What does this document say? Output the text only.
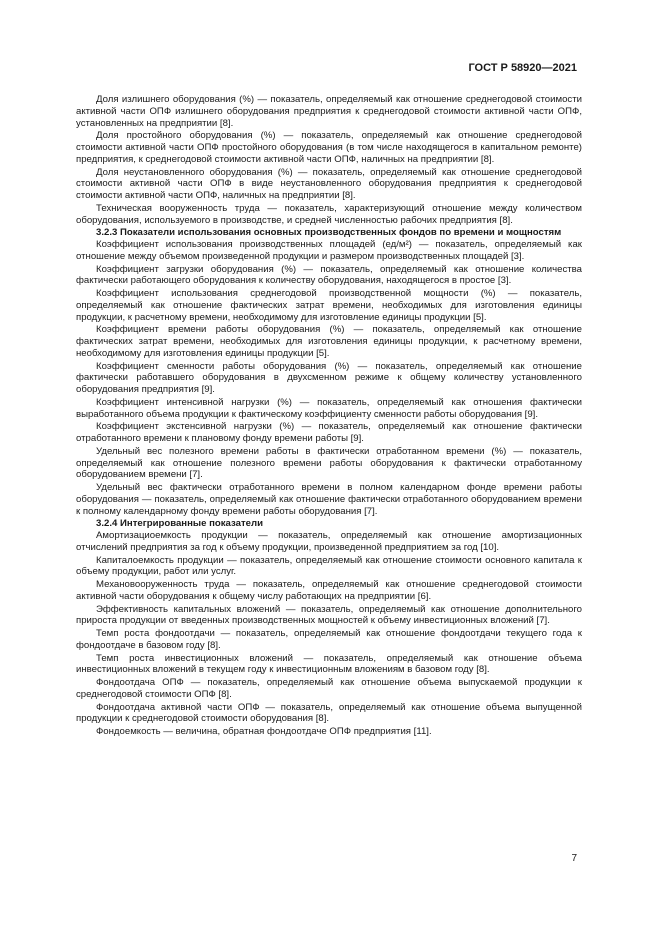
ГОСТ Р 58920—2021

Доля излишнего оборудования (%) — показатель, определяемый как отношение среднегодовой стоимости активной части ОПФ излишнего оборудования предприятия к среднегодовой стоимости активной части ОПФ, установленных на предприятии [8].

Доля простойного оборудования (%) — показатель, определяемый как отношение среднегодовой стоимости активной части ОПФ простойного оборудования (в том числе находящегося в капитальном ремонте) предприятия, к среднегодовой стоимости активной части ОПФ, наличных на предприятии [8].

Доля неустановленного оборудования (%) — показатель, определяемый как отношение среднегодовой стоимости активной части ОПФ в виде неустановленного оборудования предприятия к среднегодовой стоимости активной части ОПФ, наличных на предприятии [8].

Техническая вооруженность труда — показатель, характеризующий отношение между количеством оборудования, используемого в производстве, и средней численностью рабочих предприятия [8].

3.2.3 Показатели использования основных производственных фондов по времени и мощностям

Коэффициент использования производственных площадей (ед/м²) — показатель, определяемый как отношение между объемом произведенной продукции и размером производственных площадей [3].

Коэффициент загрузки оборудования (%) — показатель, определяемый как отношение количества фактически работающего оборудования к количеству оборудования, находящегося в простое [3].

Коэффициент использования среднегодовой производственной мощности (%) — показатель, определяемый как отношение фактических затрат времени, необходимых для изготовления единицы продукции, к расчетному времени, необходимому для изготовление единицы продукции [5].

Коэффициент времени работы оборудования (%) — показатель, определяемый как отношение фактических затрат времени, необходимых для изготовления единицы продукции, к расчетному времени, необходимому для изготовления единицы продукции [5].

Коэффициент сменности работы оборудования (%) — показатель, определяемый как отношение фактически работавшего оборудования в двухсменном режиме к общему количеству установленного оборудования предприятия [9].

Коэффициент интенсивной нагрузки (%) — показатель, определяемый как отношения фактически выработанного объема продукции к фактическому коэффициенту сменности работы оборудования [9].

Коэффициент экстенсивной нагрузки (%) — показатель, определяемый как отношение фактически отработанного времени к плановому фонду времени работы [9].

Удельный вес полезного времени работы в фактически отработанном времени (%) — показатель, определяемый как отношение полезного времени работы оборудования к фактически отработанному оборудованием времени [7].

Удельный вес фактически отработанного времени в полном календарном фонде времени работы оборудования — показатель, определяемый как отношение фактически отработанного оборудованием времени к полному календарному фонду времени работы оборудования [7].

3.2.4 Интегрированные показатели

Амортизациоемкость продукции — показатель, определяемый как отношение амортизационных отчислений предприятия за год к объему продукции, произведенной предприятием за год [10].

Капиталоемкость продукции — показатель, определяемый как отношение стоимости основного капитала к объему продукции, работ или услуг.

Механовооруженность труда — показатель, определяемый как отношение среднегодовой стоимости активной части оборудования к общему числу работающих на предприятии [6].

Эффективность капитальных вложений — показатель, определяемый как отношение дополнительного прироста продукции от введенных производственных мощностей к объему инвестиционных вложений [7].

Темп роста фондоотдачи — показатель, определяемый как отношение фондоотдачи текущего года к фондоотдаче в базовом году [8].

Темп роста инвестиционных вложений — показатель, определяемый как отношение объема инвестиционных вложений в текущем году к инвестиционным вложениям в базовом году [8].

Фондоотдача ОПФ — показатель, определяемый как отношение объема выпускаемой продукции к среднегодовой стоимости ОПФ [8].

Фондоотдача активной части ОПФ — показатель, определяемый как отношение объема выпущенной продукции к среднегодовой стоимости оборудования [8].

Фондоемкость — величина, обратная фондоотдаче ОПФ предприятия [11].

7
